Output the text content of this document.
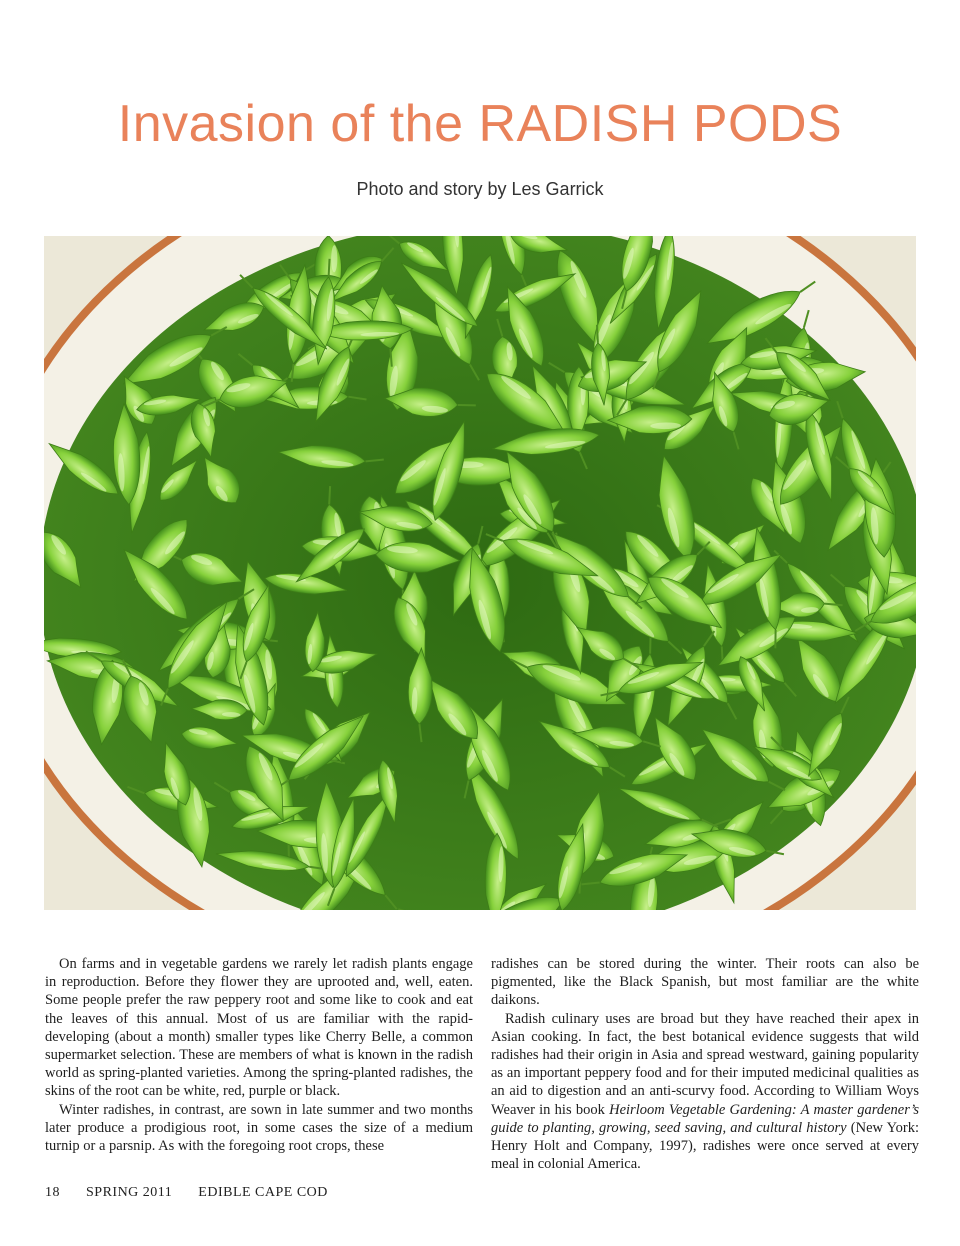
Invasion of the RADISH PODS
Photo and story by Les Garrick

On farms and in vegetable gardens we rarely let radish plants engage in reproduction. Before they flower they are uprooted and, well, eaten. Some people prefer the raw peppery root and some like to cook and eat the leaves of this annual. Most of us are familiar with the rapid-developing (about a month) smaller types like Cherry Belle, a common supermarket selection. These are members of what is known in the radish world as spring-planted varieties. Among the spring-planted radishes, the skins of the root can be white, red, purple or black.

Winter radishes, in contrast, are sown in late summer and two months later produce a prodigious root, in some cases the size of a medium turnip or a parsnip. As with the foregoing root crops, these

radishes can be stored during the winter. Their roots can also be pigmented, like the Black Spanish, but most familiar are the white daikons.

Radish culinary uses are broad but they have reached their apex in Asian cooking. In fact, the best botanical evidence suggests that wild radishes had their origin in Asia and spread westward, gaining popularity as an important peppery food and for their imputed medicinal qualities as an aid to digestion and an anti-scurvy food. According to William Woys Weaver in his book Heirloom Vegetable Gardening: A master gardener’s guide to planting, growing, seed saving, and cultural history (New York: Henry Holt and Company, 1997), radishes were once served at every meal in colonial America.

18 SPRING 2011 EDIBLE CAPE COD
